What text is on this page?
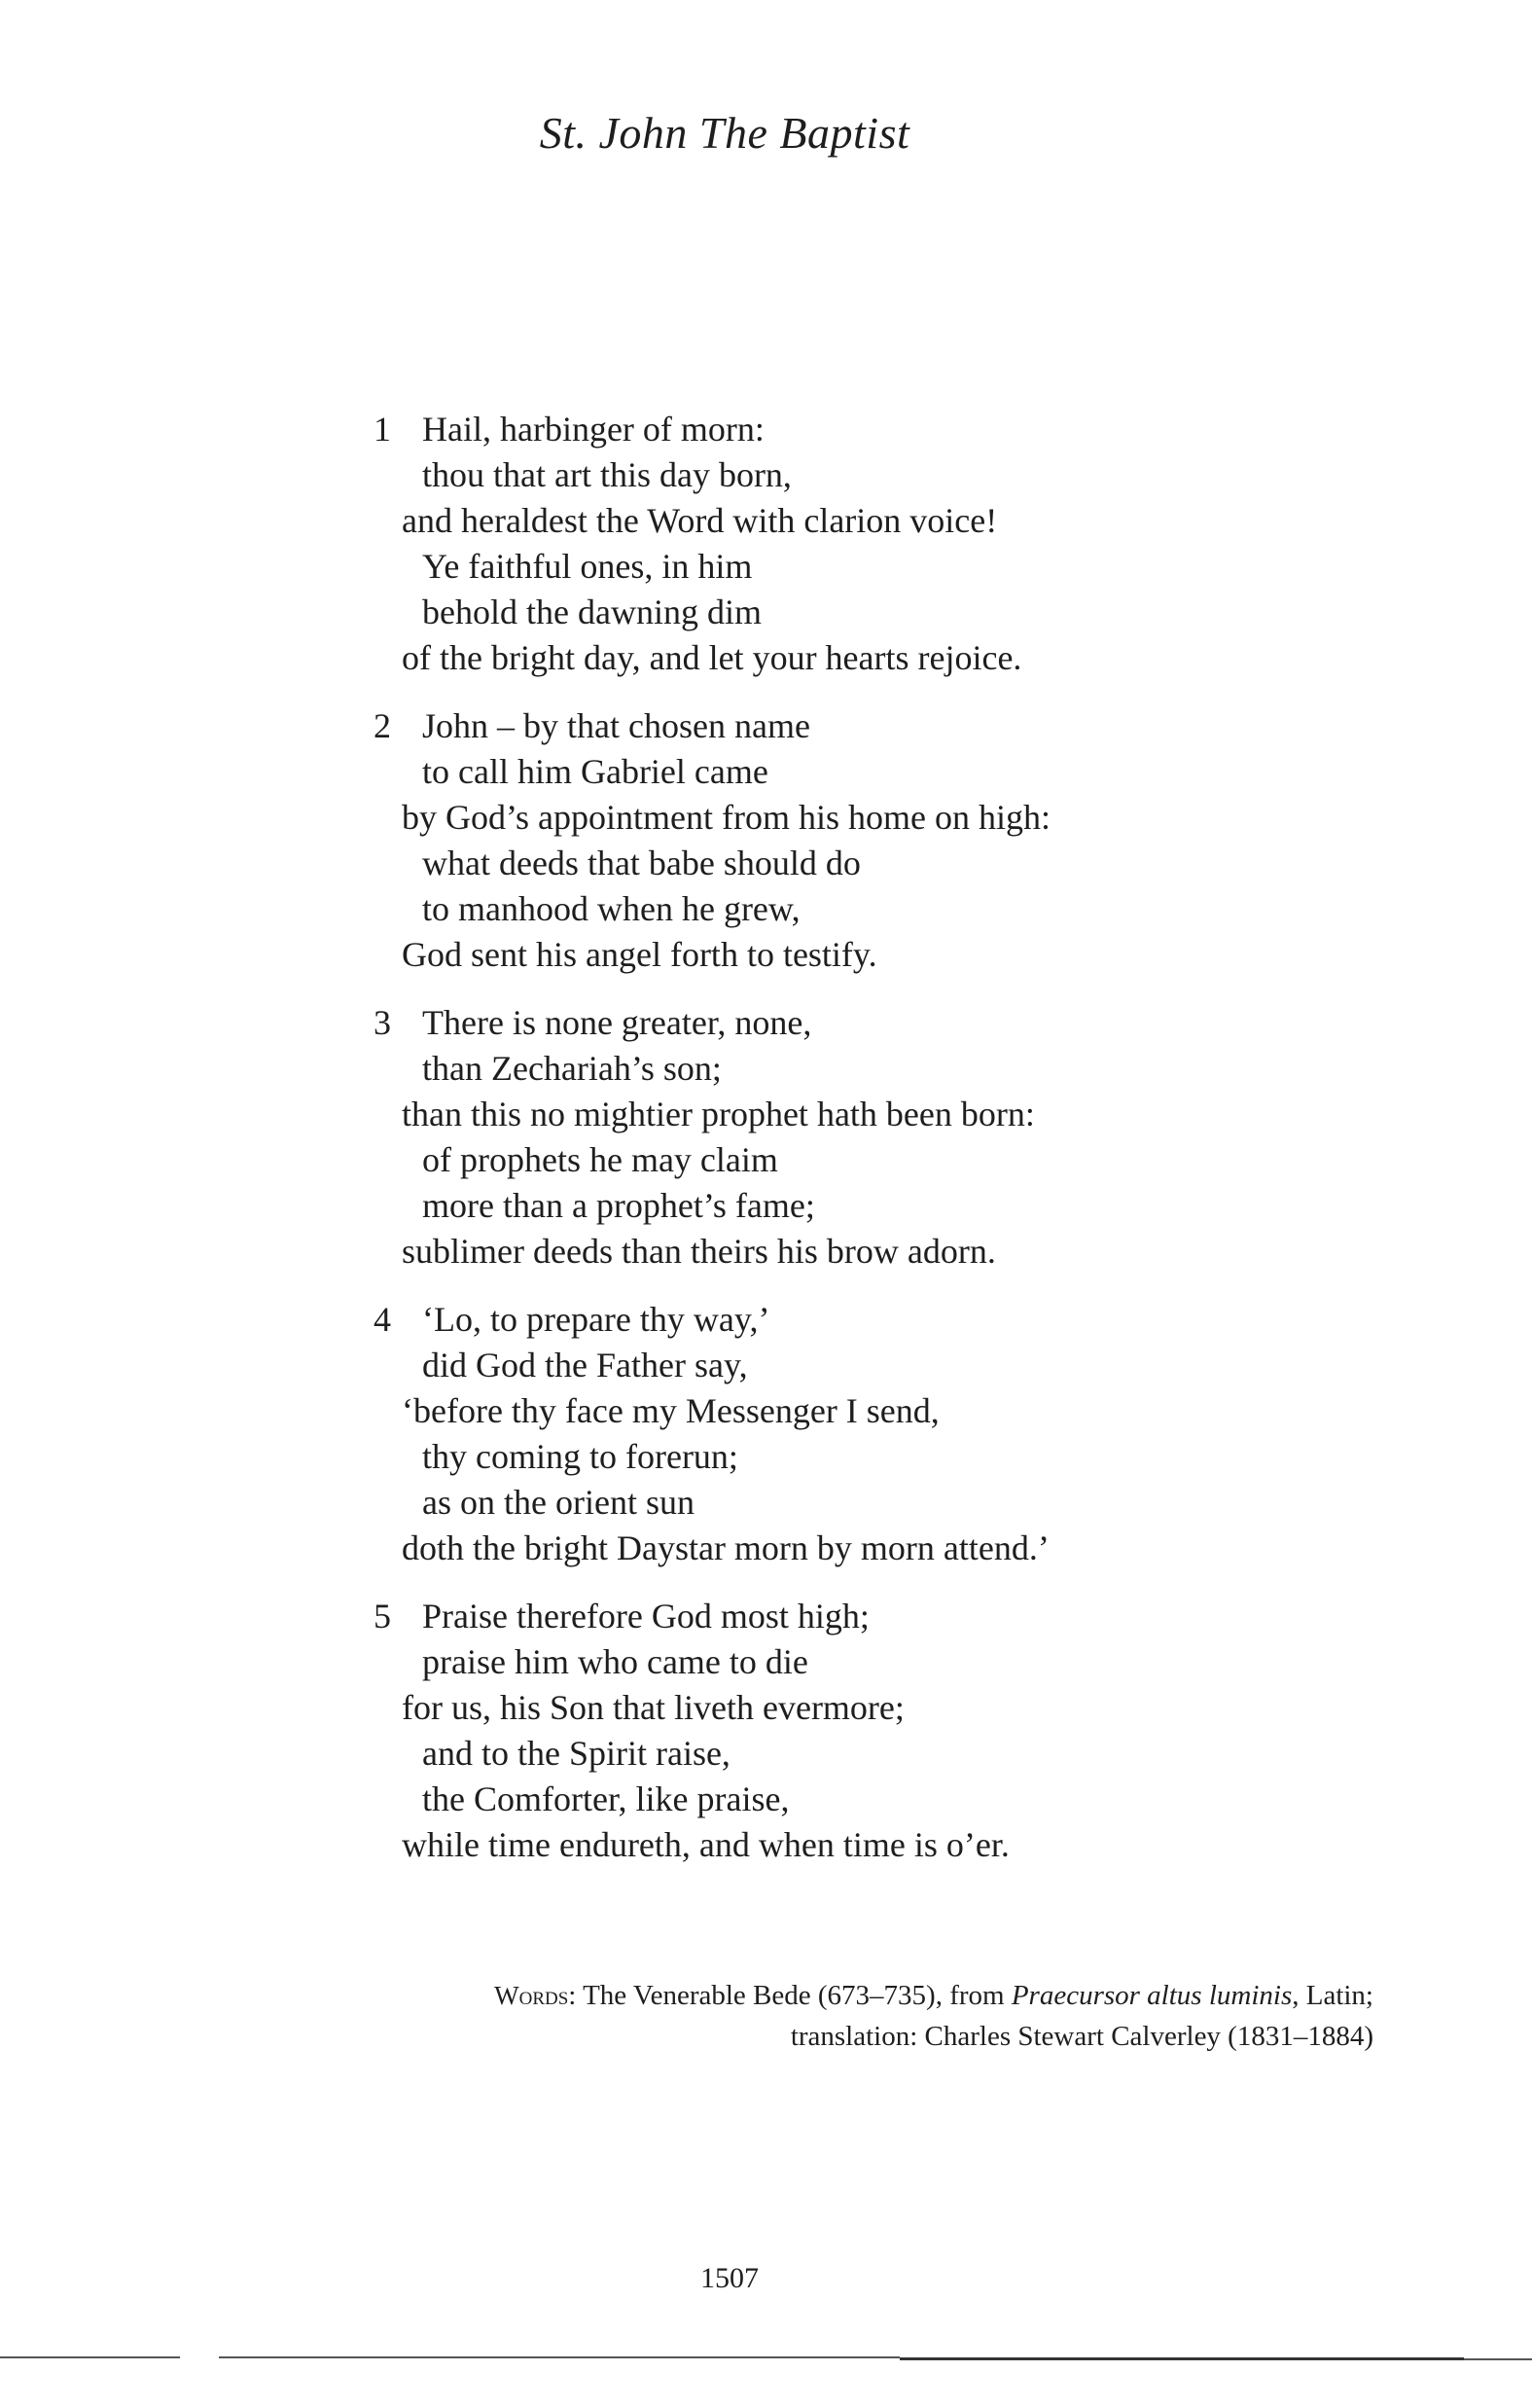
St. John The Baptist
1 Hail, harbinger of morn:
thou that art this day born,
and heraldest the Word with clarion voice!
Ye faithful ones, in him
behold the dawning dim
of the bright day, and let your hearts rejoice.
2 John – by that chosen name
to call him Gabriel came
by God’s appointment from his home on high:
what deeds that babe should do
to manhood when he grew,
God sent his angel forth to testify.
3 There is none greater, none,
than Zechariah’s son;
than this no mightier prophet hath been born:
of prophets he may claim
more than a prophet’s fame;
sublimer deeds than theirs his brow adorn.
4 ‘Lo, to prepare thy way,’
did God the Father say,
‘before thy face my Messenger I send,
thy coming to forerun;
as on the orient sun
doth the bright Daystar morn by morn attend.’
5 Praise therefore God most high;
praise him who came to die
for us, his Son that liveth evermore;
and to the Spirit raise,
the Comforter, like praise,
while time endureth, and when time is o’er.
Words: The Venerable Bede (673–735), from Praecursor altus luminis, Latin;
translation: Charles Stewart Calverley (1831–1884)
1507
